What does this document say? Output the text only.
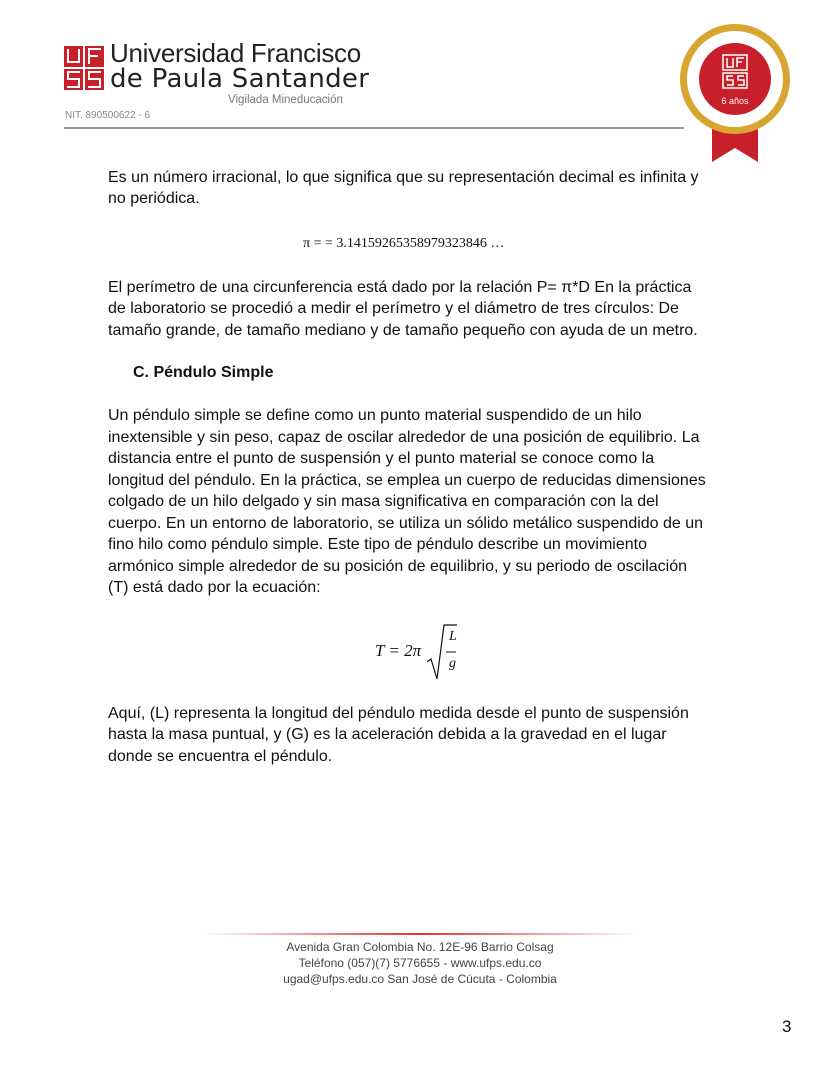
Universidad Francisco
de Paula Santander
Vigilada Mineducación
NIT. 890500622 - 6
6 años
Es un número irracional, lo que significa que su representación decimal es infinita y
no periódica.
π = = 3.14159265358979323846 …
El perímetro de una circunferencia está dado por la relación P= π*D En la práctica
de laboratorio se procedió a medir el perímetro y el diámetro de tres círculos: De
tamaño grande, de tamaño mediano y de tamaño pequeño con ayuda de un metro.
C. Péndulo Simple
Un péndulo simple se define como un punto material suspendido de un hilo
inextensible y sin peso, capaz de oscilar alrededor de una posición de equilibrio. La
distancia entre el punto de suspensión y el punto material se conoce como la
longitud del péndulo. En la práctica, se emplea un cuerpo de reducidas dimensiones
colgado de un hilo delgado y sin masa significativa en comparación con la del
cuerpo. En un entorno de laboratorio, se utiliza un sólido metálico suspendido de un
fino hilo como péndulo simple. Este tipo de péndulo describe un movimiento
armónico simple alrededor de su posición de equilibrio, y su periodo de oscilación
(T) está dado por la ecuación:
T = 2π
L
g
Aquí, (L) representa la longitud del péndulo medida desde el punto de suspensión
hasta la masa puntual, y (G) es la aceleración debida a la gravedad en el lugar
donde se encuentra el péndulo.
Avenida Gran Colombia No. 12E-96 Barrio Colsag
Teléfono (057)(7) 5776655 - www.ufps.edu.co
ugad@ufps.edu.co San José de Cúcuta - Colombia
3
